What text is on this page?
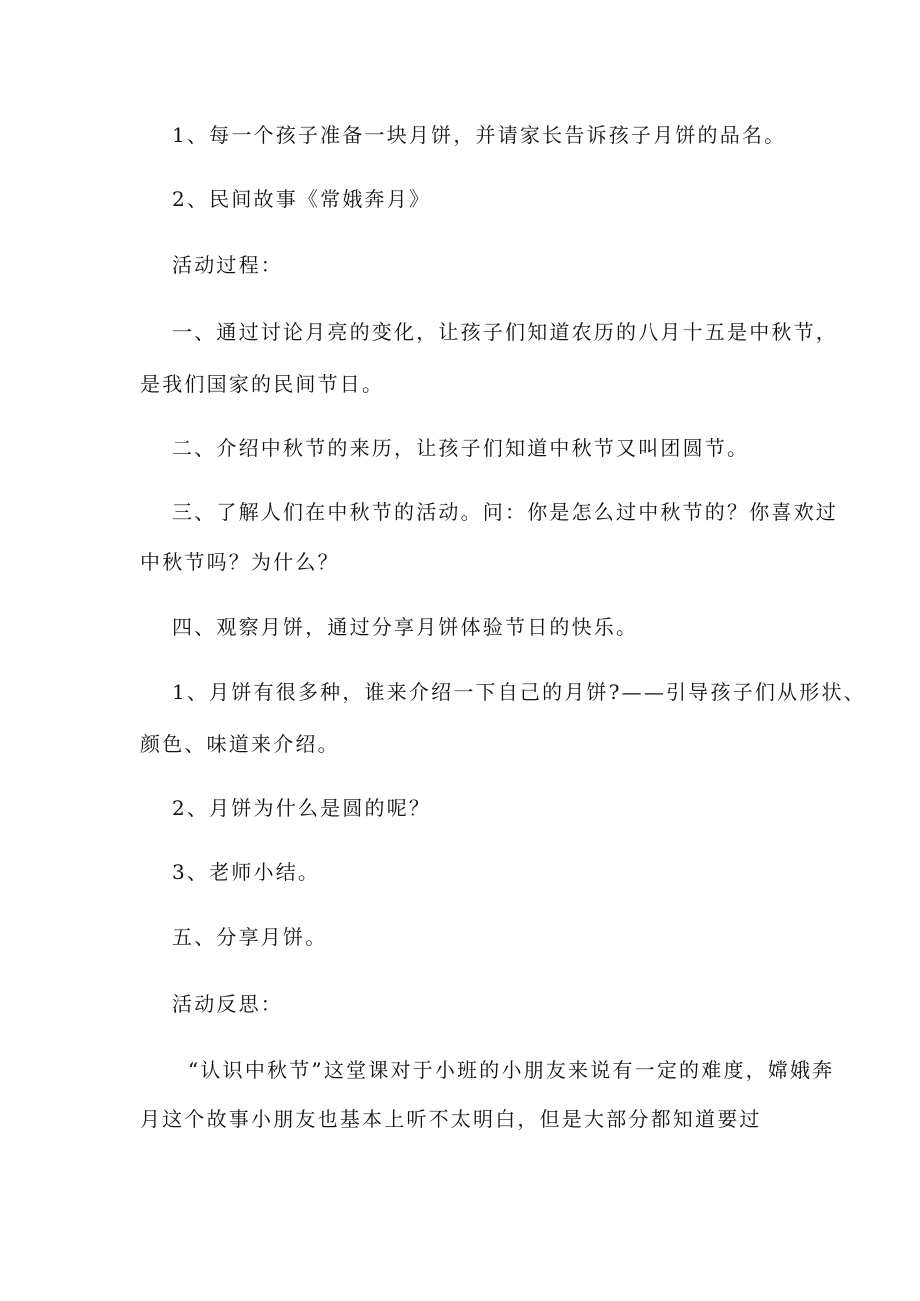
1、每一个孩子准备一块月饼，并请家长告诉孩子月饼的品名。
2、民间故事《常娥奔月》
活动过程：
一、通过讨论月亮的变化，让孩子们知道农历的八月十五是中秋节，
是我们国家的民间节日。
二、介绍中秋节的来历，让孩子们知道中秋节又叫团圆节。
三、了解人们在中秋节的活动。问：你是怎么过中秋节的？你喜欢过
中秋节吗？为什么？
四、观察月饼，通过分享月饼体验节日的快乐。
1、月饼有很多种，谁来介绍一下自己的月饼?——引导孩子们从形状、
颜色、味道来介绍。
2、月饼为什么是圆的呢？
3、老师小结。
五、分享月饼。
活动反思：
“认识中秋节”这堂课对于小班的小朋友来说有一定的难度，嫦娥奔
月这个故事小朋友也基本上听不太明白，但是大部分都知道要过
